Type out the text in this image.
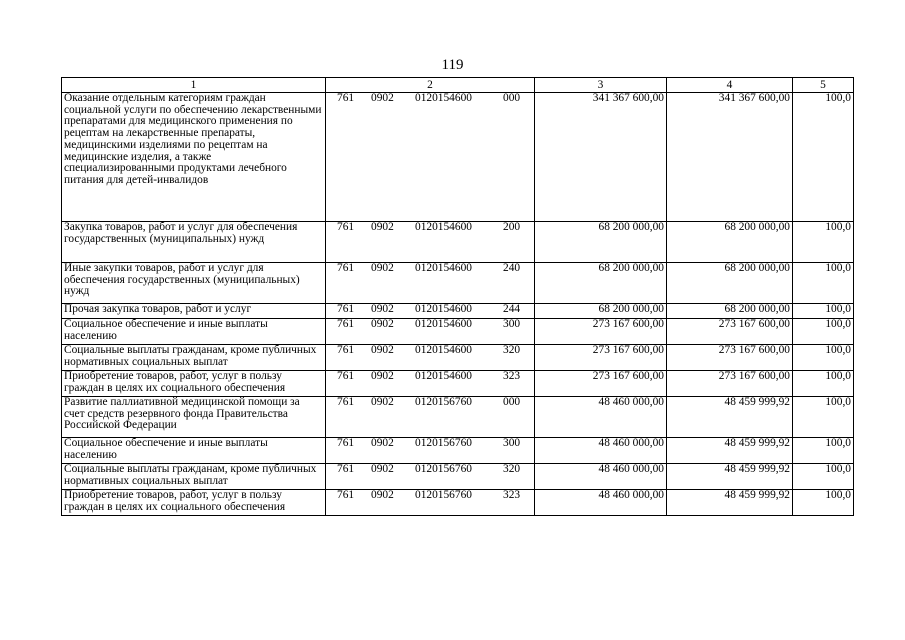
119
1	2	3	4	5
Оказание отдельным категориям граждан социальной услуги по обеспечению лекарственными препаратами для медицинского применения по рецептам на лекарственные препараты, медицинскими изделиями по рецептам на медицинские изделия, а также специализированными продуктами лечебного питания для детей-инвалидов	761 0902 0120154600 000	341 367 600,00	341 367 600,00	100,0
Закупка товаров, работ и услуг для обеспечения государственных (муниципальных) нужд	761 0902 0120154600 200	68 200 000,00	68 200 000,00	100,0
Иные закупки товаров, работ и услуг для обеспечения государственных (муниципальных) нужд	761 0902 0120154600 240	68 200 000,00	68 200 000,00	100,0
Прочая закупка товаров, работ и услуг	761 0902 0120154600 244	68 200 000,00	68 200 000,00	100,0
Социальное обеспечение и иные выплаты населению	761 0902 0120154600 300	273 167 600,00	273 167 600,00	100,0
Социальные выплаты гражданам, кроме публичных нормативных социальных выплат	761 0902 0120154600 320	273 167 600,00	273 167 600,00	100,0
Приобретение товаров, работ, услуг в пользу граждан в целях их социального обеспечения	761 0902 0120154600 323	273 167 600,00	273 167 600,00	100,0
Развитие паллиативной медицинской помощи за счет средств резервного фонда Правительства Российской Федерации	761 0902 0120156760 000	48 460 000,00	48 459 999,92	100,0
Социальное обеспечение и иные выплаты населению	761 0902 0120156760 300	48 460 000,00	48 459 999,92	100,0
Социальные выплаты гражданам, кроме публичных нормативных социальных выплат	761 0902 0120156760 320	48 460 000,00	48 459 999,92	100,0
Приобретение товаров, работ, услуг в пользу граждан в целях их социального обеспечения	761 0902 0120156760 323	48 460 000,00	48 459 999,92	100,0
